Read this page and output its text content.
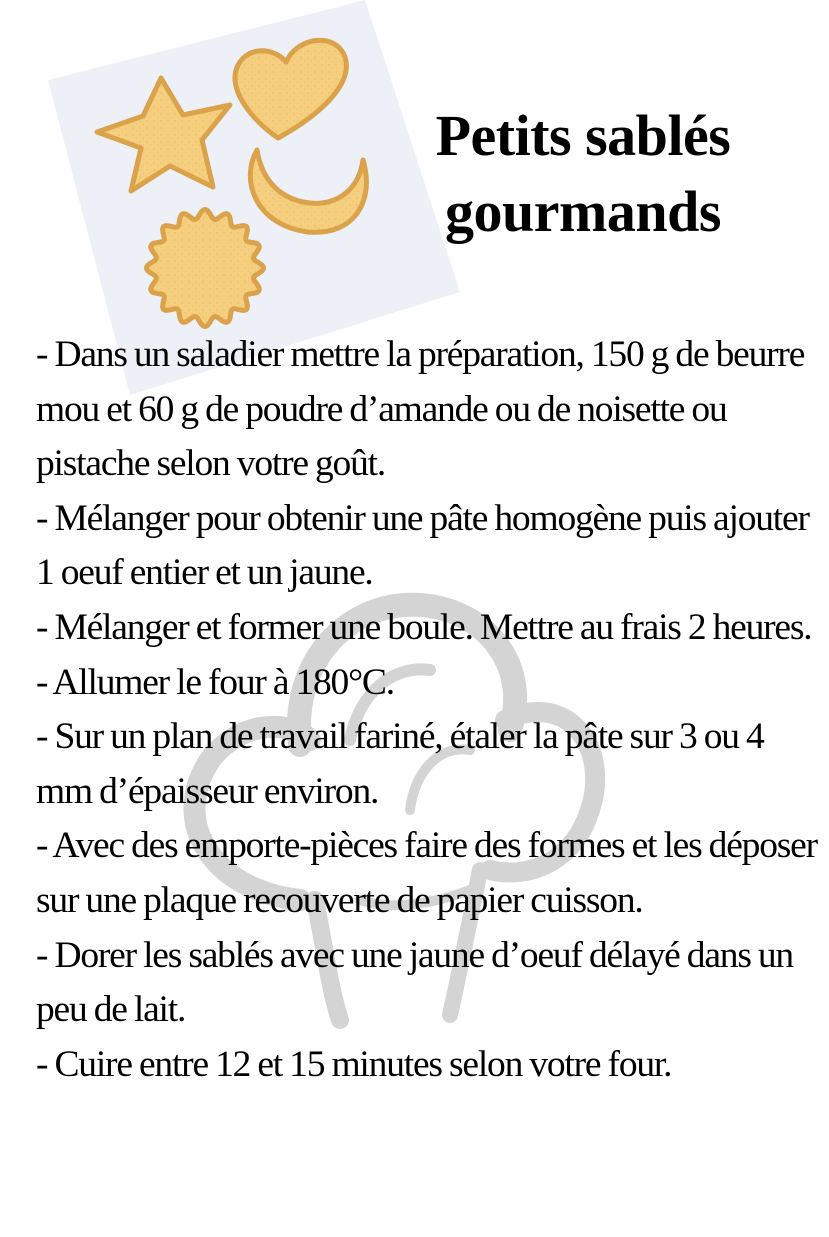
Petits sablés
gourmands
- Dans un saladier mettre la préparation, 150 g de beurre mou et 60 g de poudre d’amande ou de noisette ou pistache selon votre goût.
- Mélanger pour obtenir une pâte homogène puis ajouter 1 oeuf entier et un jaune.
- Mélanger et former une boule. Mettre au frais 2 heures.
- Allumer le four à 180°C.
- Sur un plan de travail fariné, étaler la pâte sur 3 ou 4 mm d’épaisseur environ.
- Avec des emporte-pièces faire des formes et les déposer sur une plaque recouverte de papier cuisson.
- Dorer les sablés avec une jaune d’oeuf délayé dans un peu de lait.
- Cuire entre 12 et 15 minutes selon votre four.
